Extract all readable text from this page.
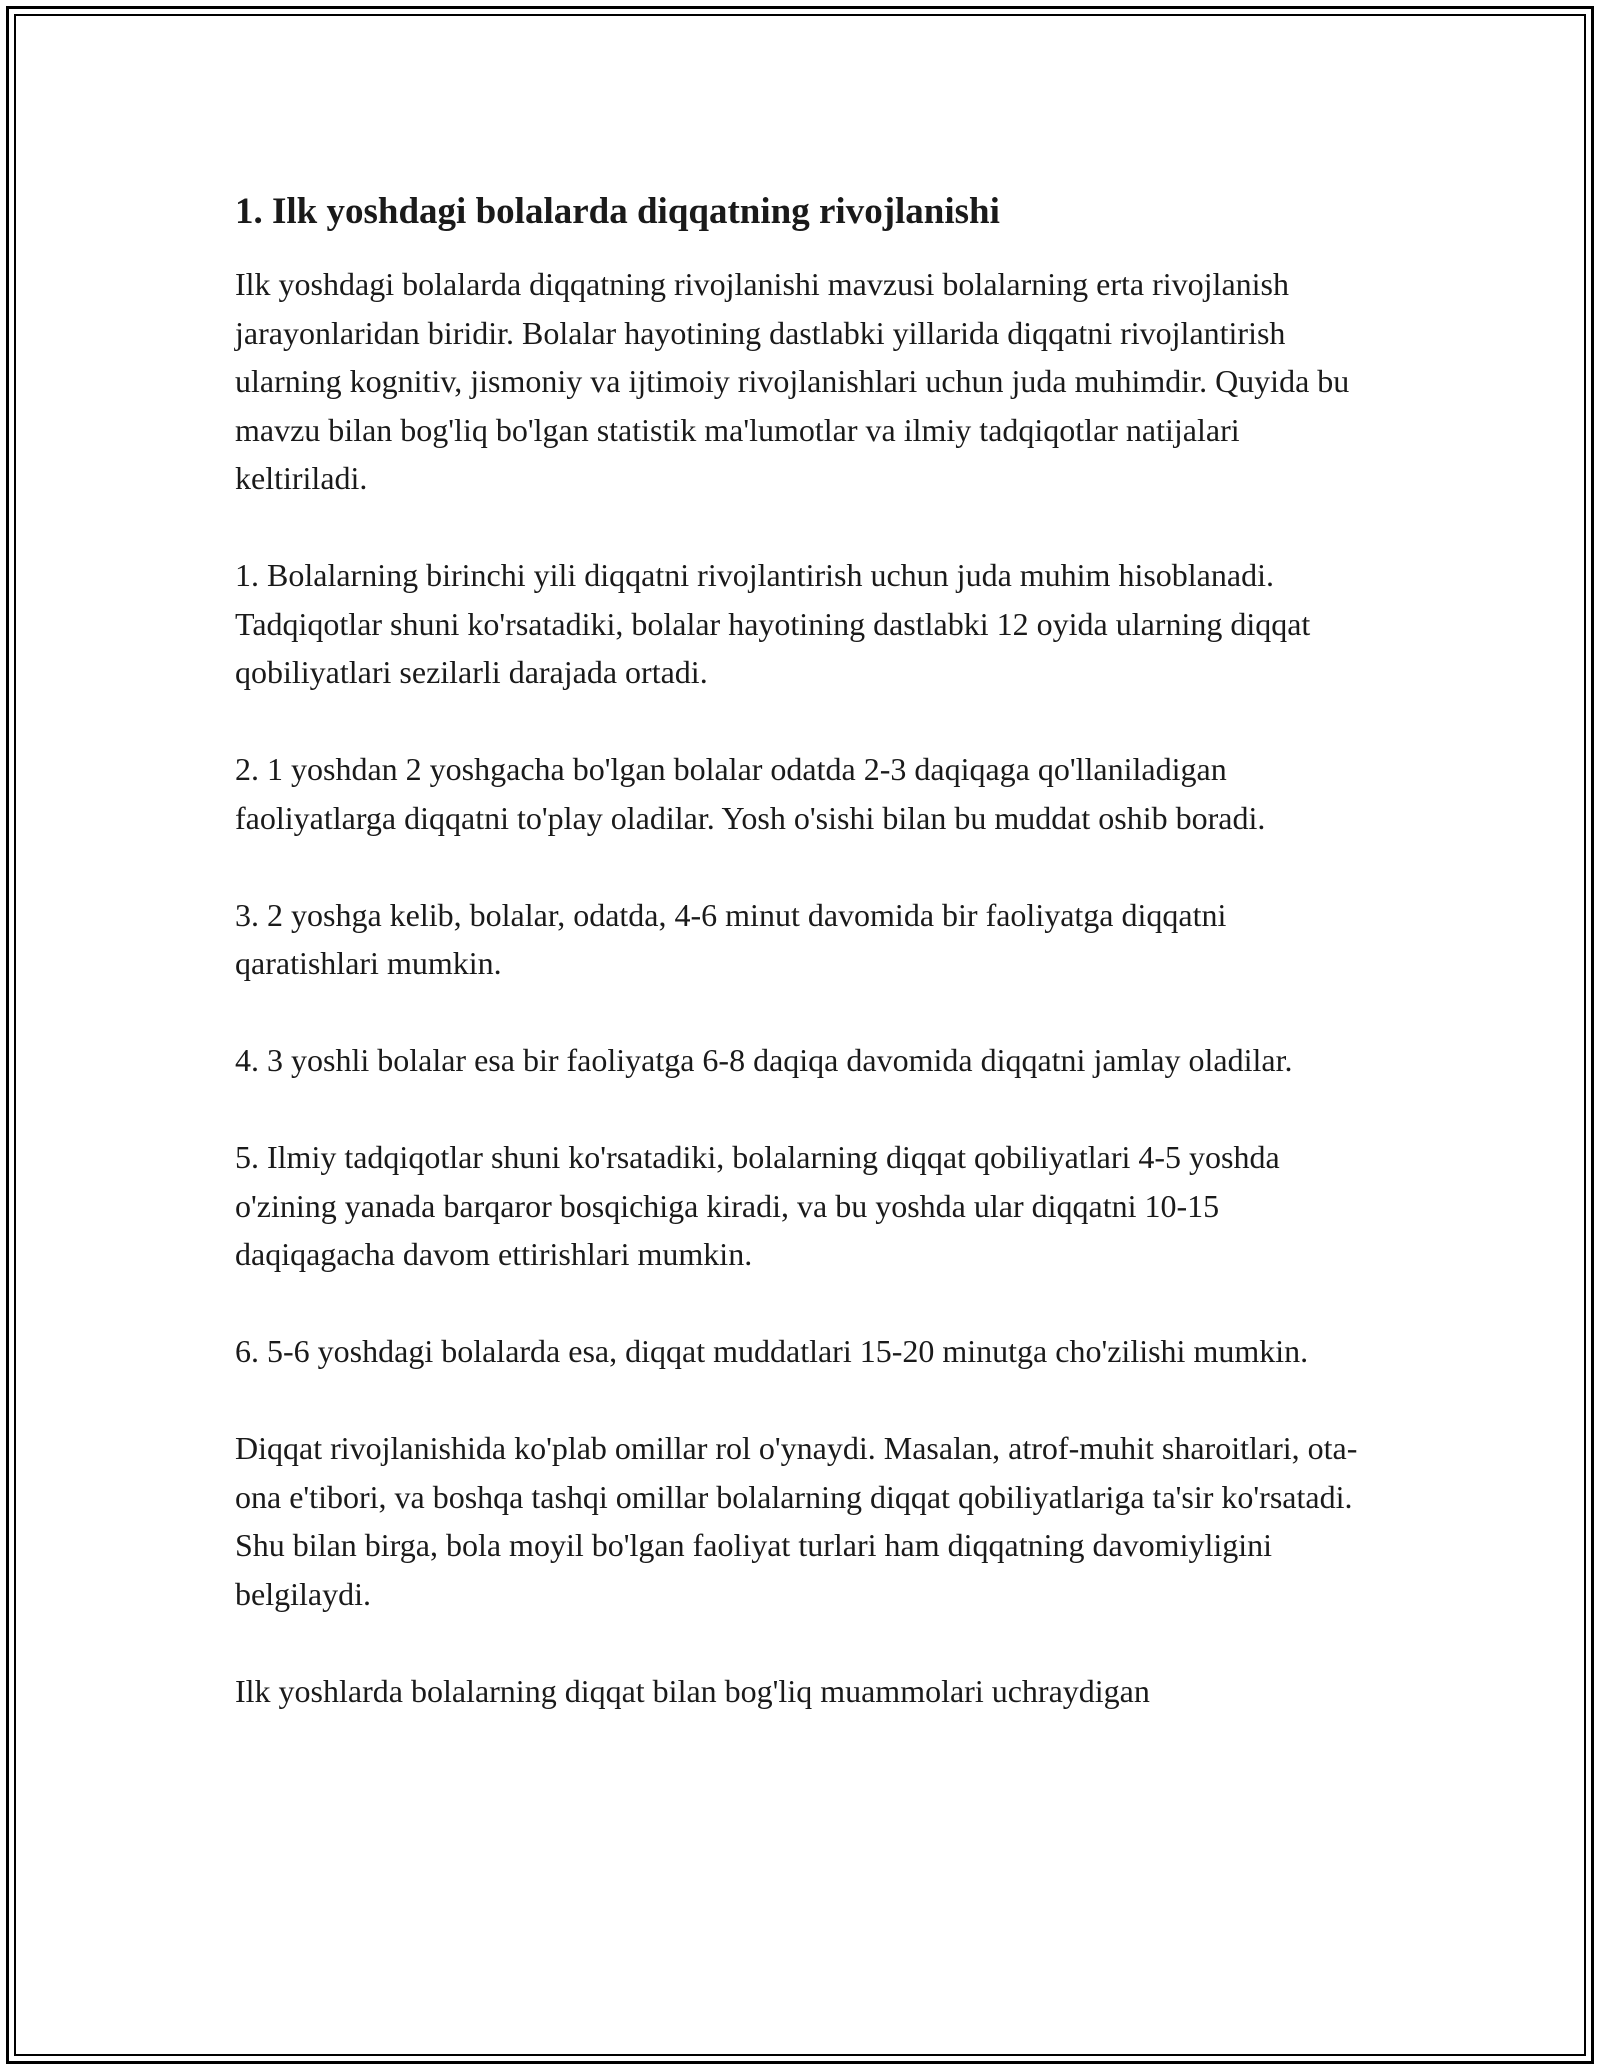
1. Ilk yoshdagi bolalarda diqqatning rivojlanishi

Ilk yoshdagi bolalarda diqqatning rivojlanishi mavzusi bolalarning erta rivojlanish jarayonlaridan biridir. Bolalar hayotining dastlabki yillarida diqqatni rivojlantirish ularning kognitiv, jismoniy va ijtimoiy rivojlanishlari uchun juda muhimdir. Quyida bu mavzu bilan bog'liq bo'lgan statistik ma'lumotlar va ilmiy tadqiqotlar natijalari keltiriladi.

1. Bolalarning birinchi yili diqqatni rivojlantirish uchun juda muhim hisoblanadi. Tadqiqotlar shuni ko'rsatadiki, bolalar hayotining dastlabki 12 oyida ularning diqqat qobiliyatlari sezilarli darajada ortadi.

2. 1 yoshdan 2 yoshgacha bo'lgan bolalar odatda 2-3 daqiqaga qo'llaniladigan faoliyatlarga diqqatni to'play oladilar. Yosh o'sishi bilan bu muddat oshib boradi.

3. 2 yoshga kelib, bolalar, odatda, 4-6 minut davomida bir faoliyatga diqqatni qaratishlari mumkin.

4. 3 yoshli bolalar esa bir faoliyatga 6-8 daqiqa davomida diqqatni jamlay oladilar.

5. Ilmiy tadqiqotlar shuni ko'rsatadiki, bolalarning diqqat qobiliyatlari 4-5 yoshda o'zining yanada barqaror bosqichiga kiradi, va bu yoshda ular diqqatni 10-15 daqiqagacha davom ettirishlari mumkin.

6. 5-6 yoshdagi bolalarda esa, diqqat muddatlari 15-20 minutga cho'zilishi mumkin.

Diqqat rivojlanishida ko'plab omillar rol o'ynaydi. Masalan, atrof-muhit sharoitlari, ota-ona e'tibori, va boshqa tashqi omillar bolalarning diqqat qobiliyatlariga ta'sir ko'rsatadi. Shu bilan birga, bola moyil bo'lgan faoliyat turlari ham diqqatning davomiyligini belgilaydi.

Ilk yoshlarda bolalarning diqqat bilan bog'liq muammolari uchraydigan
